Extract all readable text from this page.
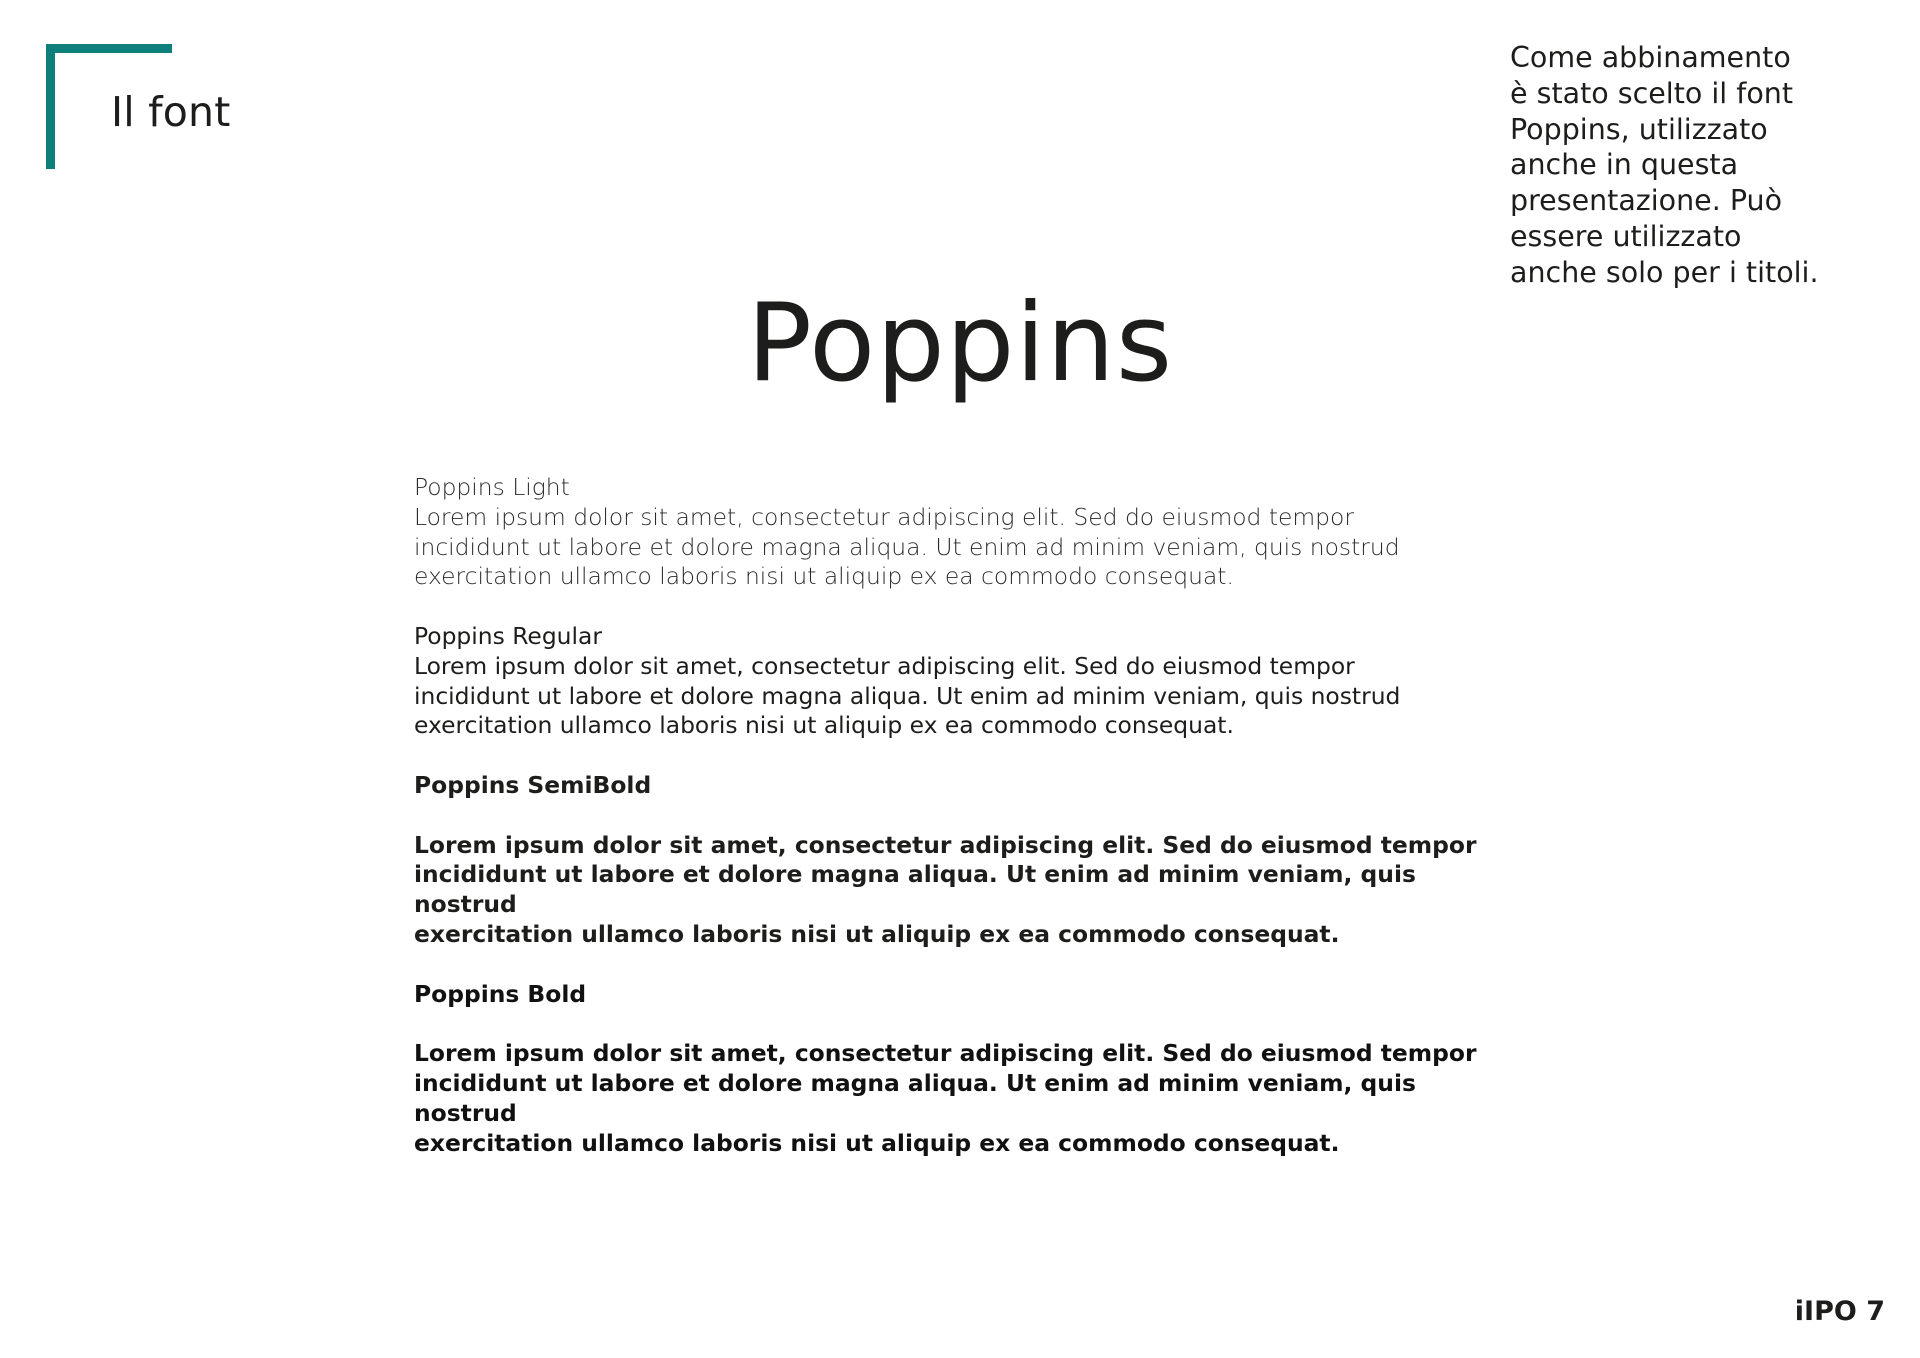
Il font
Come abbinamento
è stato scelto il font
Poppins, utilizzato
anche in questa
presentazione. Può
essere utilizzato
anche solo per i titoli.
Poppins

Poppins Light

Lorem ipsum dolor sit amet, consectetur adipiscing elit. Sed do eiusmod tempor
incididunt ut labore et dolore magna aliqua. Ut enim ad minim veniam, quis nostrud
exercitation ullamco laboris nisi ut aliquip ex ea commodo consequat.

Poppins Regular

Lorem ipsum dolor sit amet, consectetur adipiscing elit. Sed do eiusmod tempor
incididunt ut labore et dolore magna aliqua. Ut enim ad minim veniam, quis nostrud
exercitation ullamco laboris nisi ut aliquip ex ea commodo consequat.

Poppins SemiBold

Lorem ipsum dolor sit amet, consectetur adipiscing elit. Sed do eiusmod tempor
incididunt ut labore et dolore magna aliqua. Ut enim ad minim veniam, quis nostrud
exercitation ullamco laboris nisi ut aliquip ex ea commodo consequat.

Poppins Bold

Lorem ipsum dolor sit amet, consectetur adipiscing elit. Sed do eiusmod tempor
incididunt ut labore et dolore magna aliqua. Ut enim ad minim veniam, quis nostrud
exercitation ullamco laboris nisi ut aliquip ex ea commodo consequat.

iIPO 7
